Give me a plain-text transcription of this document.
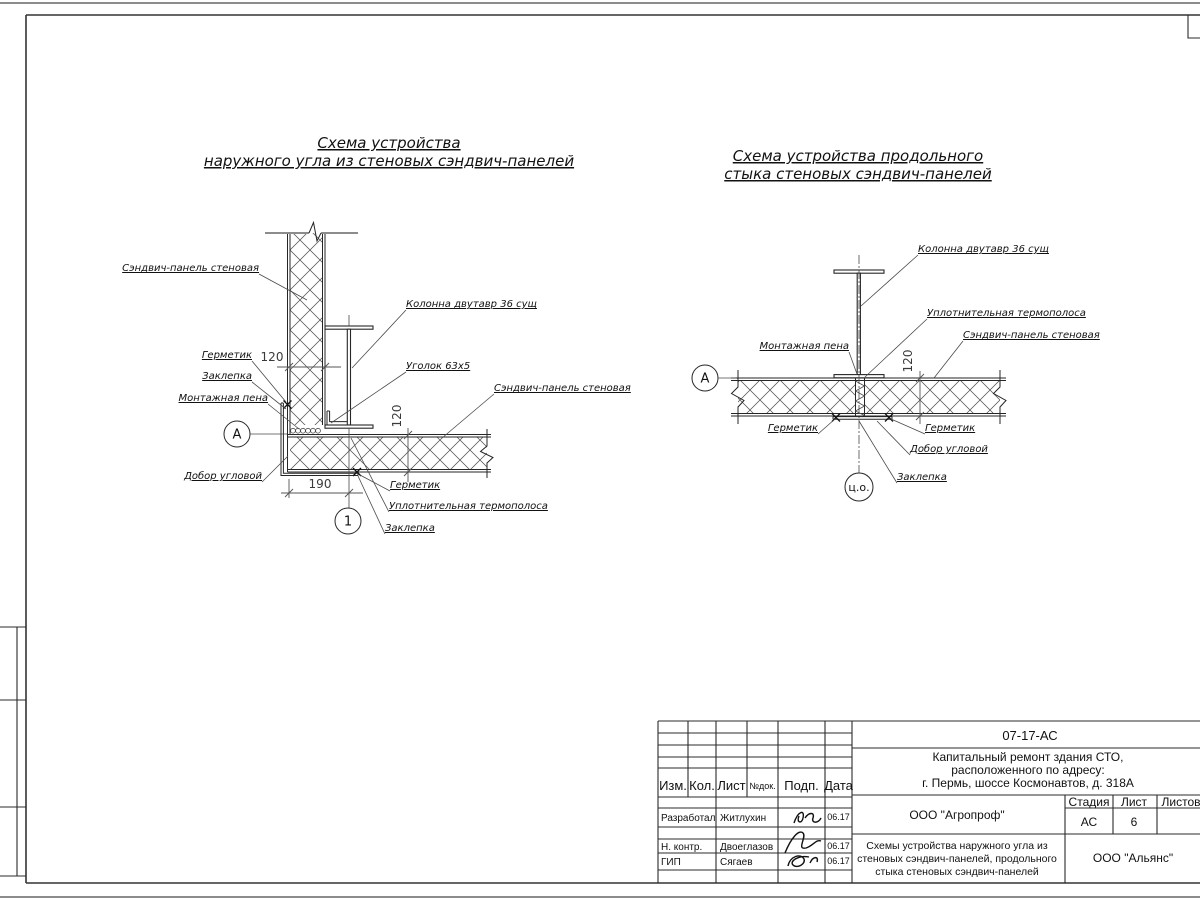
Схема устройства
наружного угла из стеновых сэндвич-панелей
Сэндвич-панель стеновая
Колонна двутавр 36 сущ
Герметик
Заклепка
Монтажная пена
Уголок 63х5
Сэндвич-панель стеновая
Добор угловой
Герметик
Уплотнительная термополоса
Заклепка
120
190
120
А
1
Схема устройства продольного
стыка стеновых сэндвич-панелей
Колонна двутавр 36 сущ
Уплотнительная термополоса
Сэндвич-панель стеновая
Монтажная пена
Герметик	Герметик
Добор угловой
Заклепка
120
А
ц.о.
07-17-АС
Капитальный ремонт здания СТО,
расположенного по адресу:
г. Пермь, шоссе Космонавтов, д. 318А
Изм. Кол. Лист №док. Подп. Дата
Разработал Житлухин	06.17
Н. контр. Двоеглазов	06.17
ГИП	Сягаев	06.17
ООО "Агропроф"
Схемы устройства наружного угла из
стеновых сэндвич-панелей, продольного
стыка стеновых сэндвич-панелей
ООО "Альянс"
Стадия Лист Листов
АС	6
